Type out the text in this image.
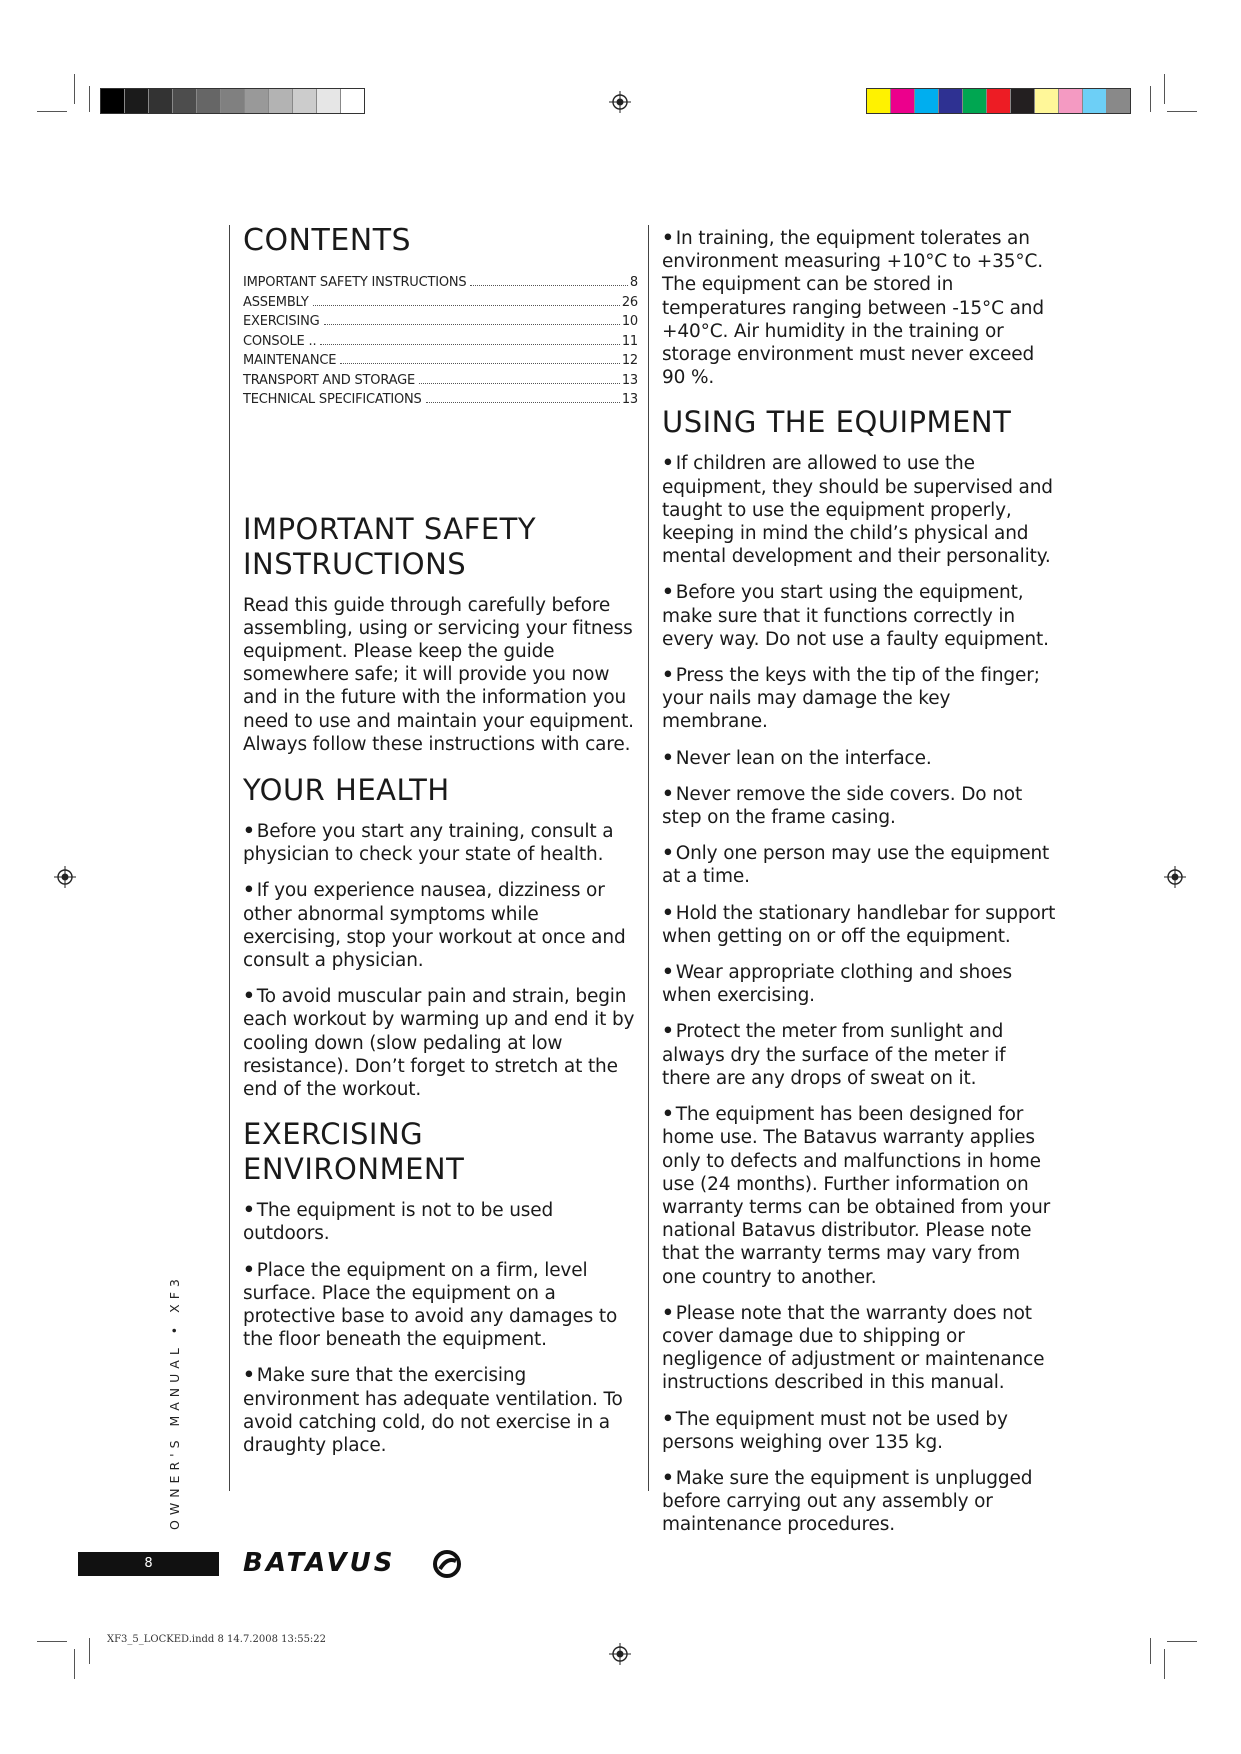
CONTENTS
IMPORTANT SAFETY INSTRUCTIONS	8
ASSEMBLY	26
EXERCISING	10
CONSOLE ..	11
MAINTENANCE	12
TRANSPORT AND STORAGE	13
TECHNICAL SPECIFICATIONS	13
IMPORTANT SAFETY
INSTRUCTIONS

Read this guide through carefully before assembling, using or servicing your fitness equipment. Please keep the guide somewhere safe; it will provide you now and in the future with the information you need to use and maintain your equipment. Always follow these instructions with care.

YOUR HEALTH

• Before you start any training, consult a physician to check your state of health.

• If you experience nausea, dizziness or other abnormal symptoms while exercising, stop your workout at once and consult a physician.

• To avoid muscular pain and strain, begin each workout by warming up and end it by cooling down (slow pedaling at low resistance). Don’t forget to stretch at the end of the workout.

EXERCISING
ENVIRONMENT

• The equipment is not to be used outdoors.

• Place the equipment on a firm, level surface. Place the equipment on a protective base to avoid any damages to the floor beneath the equipment.

• Make sure that the exercising environment has adequate ventilation. To avoid catching cold, do not exercise in a draughty place.

• In training, the equipment tolerates an environment measuring +10°C to +35°C. The equipment can be stored in temperatures ranging between -15°C and +40°C. Air humidity in the training or storage environment must never exceed 90 %.

USING THE EQUIPMENT

• If children are allowed to use the equipment, they should be supervised and taught to use the equipment properly, keeping in mind the child’s physical and mental development and their personality.

• Before you start using the equipment, make sure that it functions correctly in every way. Do not use a faulty equipment.

• Press the keys with the tip of the finger; your nails may damage the key membrane.

• Never lean on the interface.

• Never remove the side covers. Do not step on the frame casing.

• Only one person may use the equipment at a time.

• Hold the stationary handlebar for support when getting on or off the equipment.

• Wear appropriate clothing and shoes when exercising.

• Protect the meter from sunlight and always dry the surface of the meter if there are any drops of sweat on it.

• The equipment has been designed for home use. The Batavus warranty applies only to defects and malfunctions in home use (24 months). Further information on warranty terms can be obtained from your national Batavus distributor. Please note that the warranty terms may vary from one country to another.

• Please note that the warranty does not cover damage due to shipping or negligence of adjustment or maintenance instructions described in this manual.

• The equipment must not be used by persons weighing over 135 kg.

• Make sure the equipment is unplugged before carrying out any assembly or maintenance procedures.

OWNER'S MANUAL • XF3
8	BATAVUS
XF3_5_LOCKED.indd 8 14.7.2008 13:55:22
